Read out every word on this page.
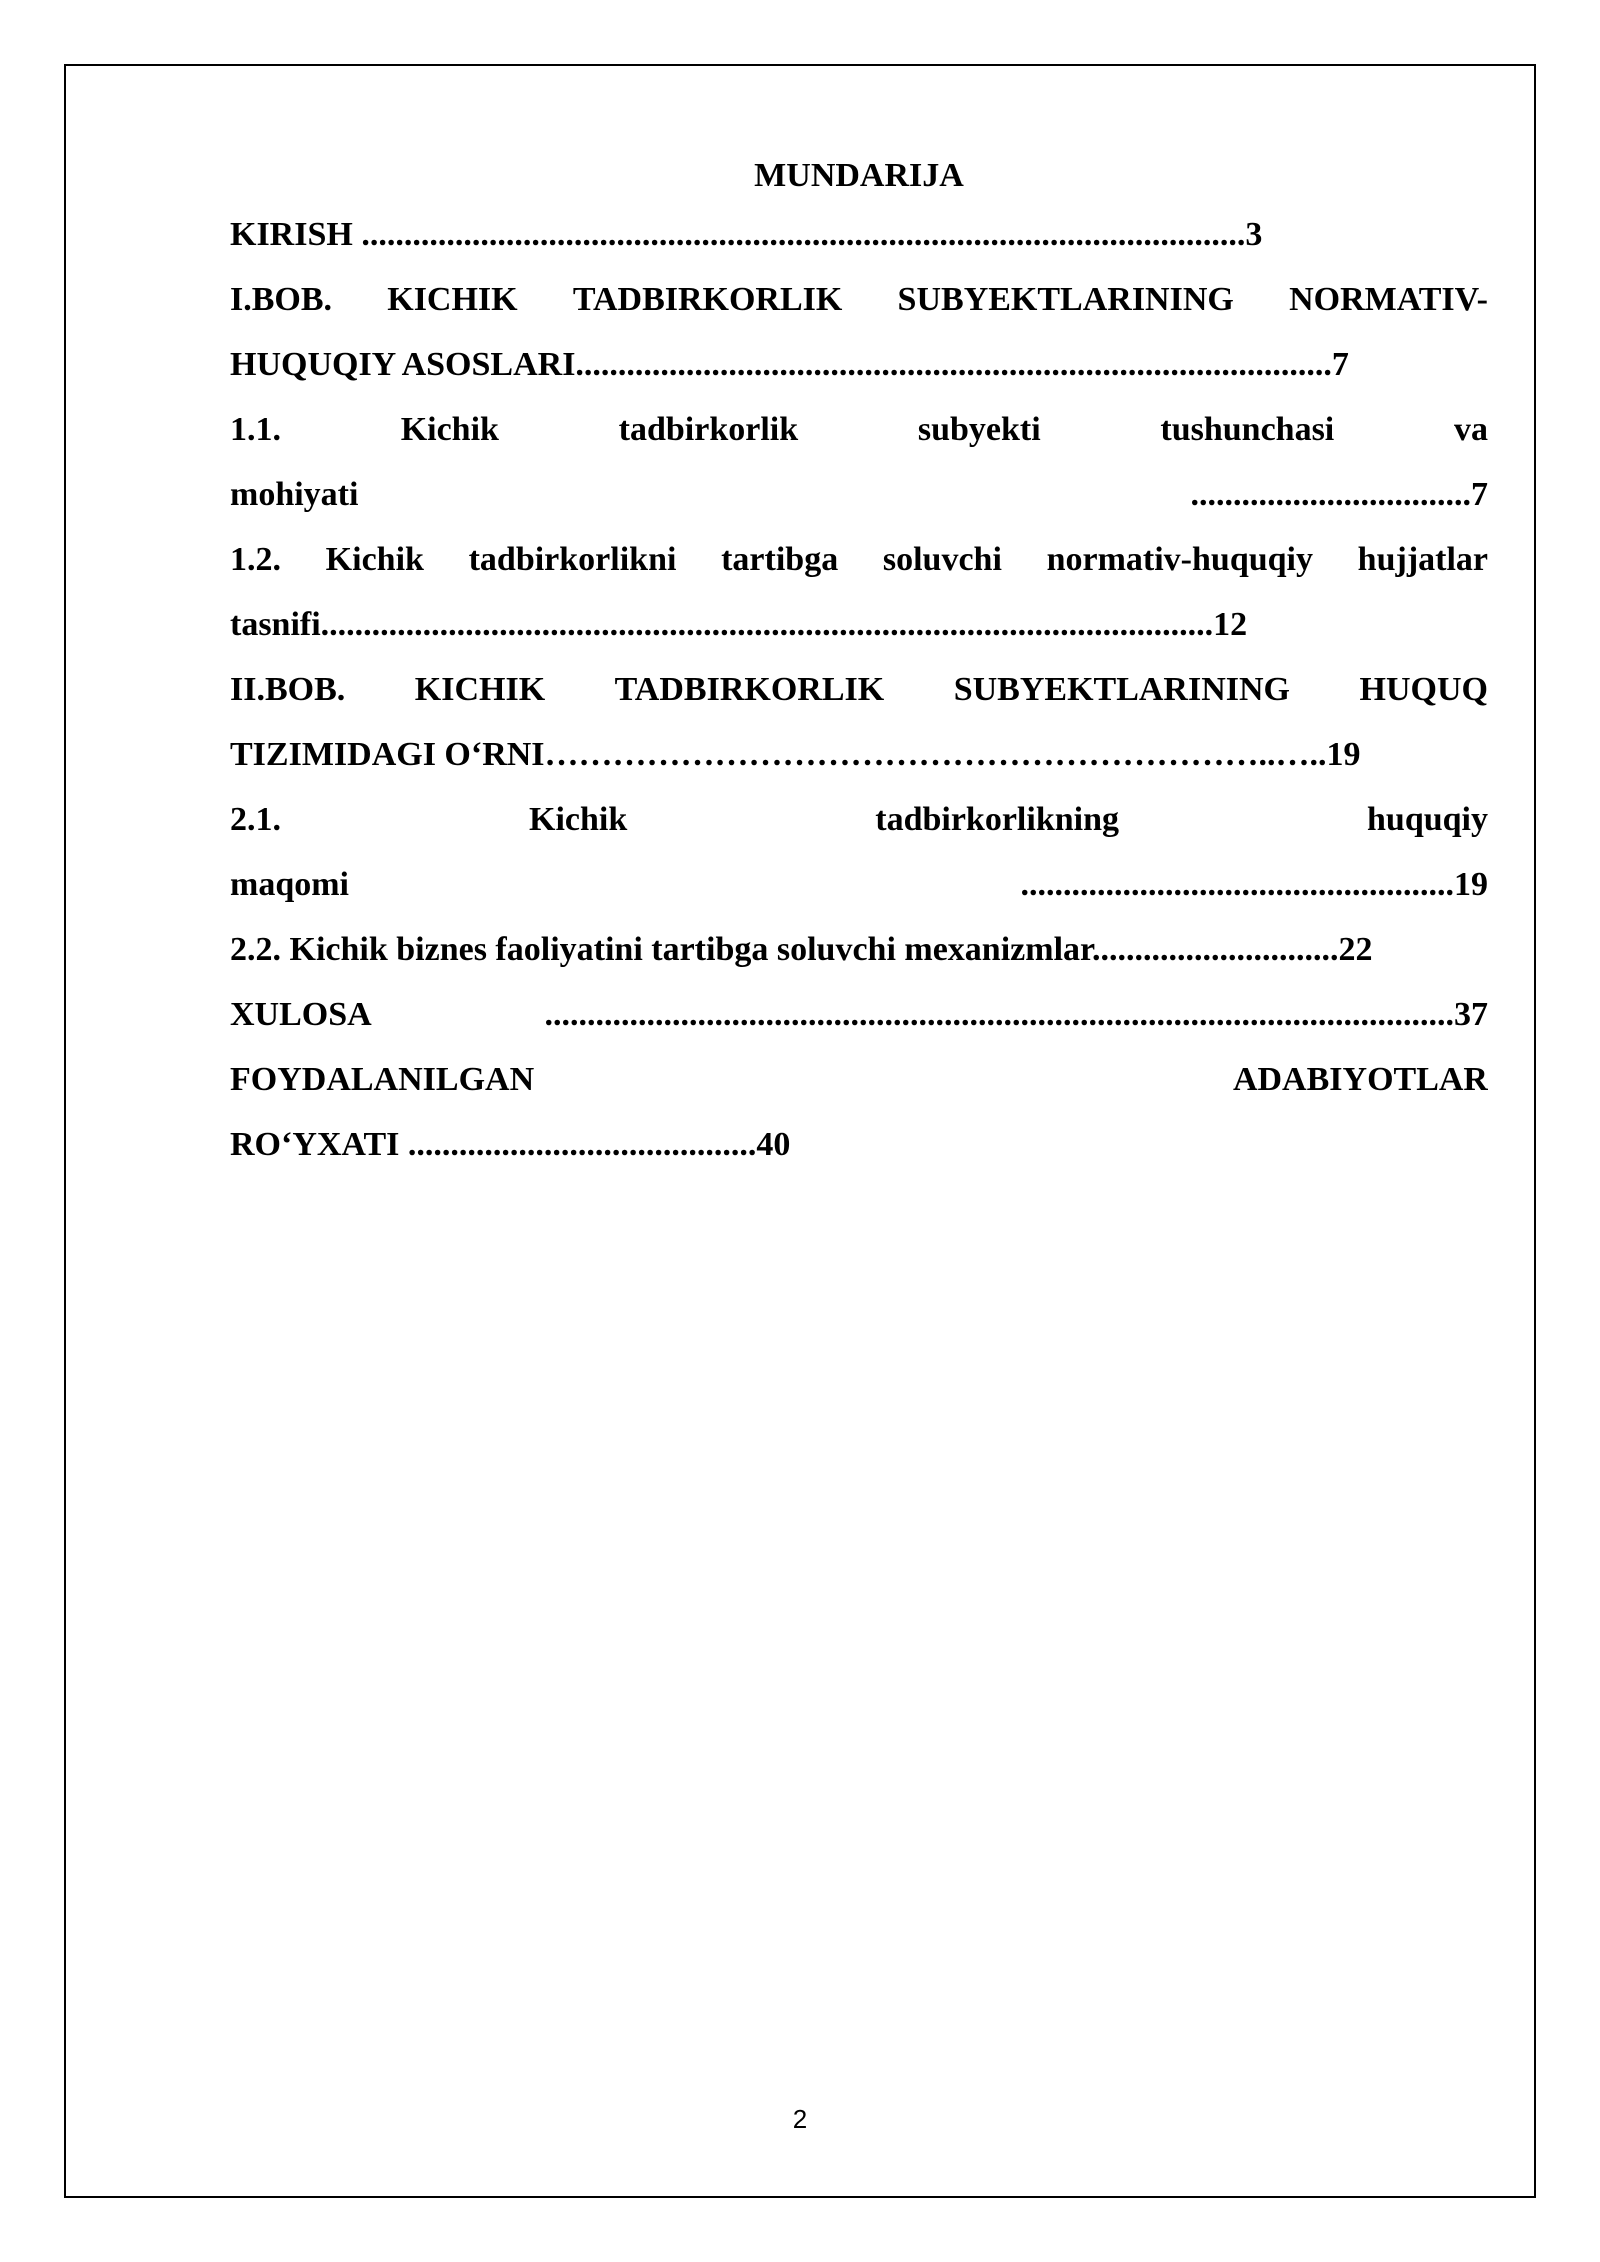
MUNDARIJA
KIRISH ........................................................................................................3
I.BOB. KICHIK TADBIRKORLIK SUBYEKTLARINING NORMATIV-
HUQUQIY ASOSLARI.........................................................................................7
1.1.	Kichik	tadbirkorlik	subyekti	tushunchasi	va
mohiyati	.................................7
1.2. Kichik tadbirkorlikni tartibga soluvchi normativ-huquqiy hujjatlar
tasnifi.........................................................................................................12
II.BOB. KICHIK TADBIRKORLIK SUBYEKTLARINING HUQUQ
TIZIMIDAGI O‘RNI………………………………………………………..…..19
2.1.	Kichik	tadbirkorlikning	huquqiy
maqomi	...................................................19
2.2. Kichik biznes faoliyatini tartibga soluvchi mexanizmlar.............................22
XULOSA	...........................................................................................................37
FOYDALANILGAN	ADABIYOTLAR
RO‘YXATI .........................................40
2
